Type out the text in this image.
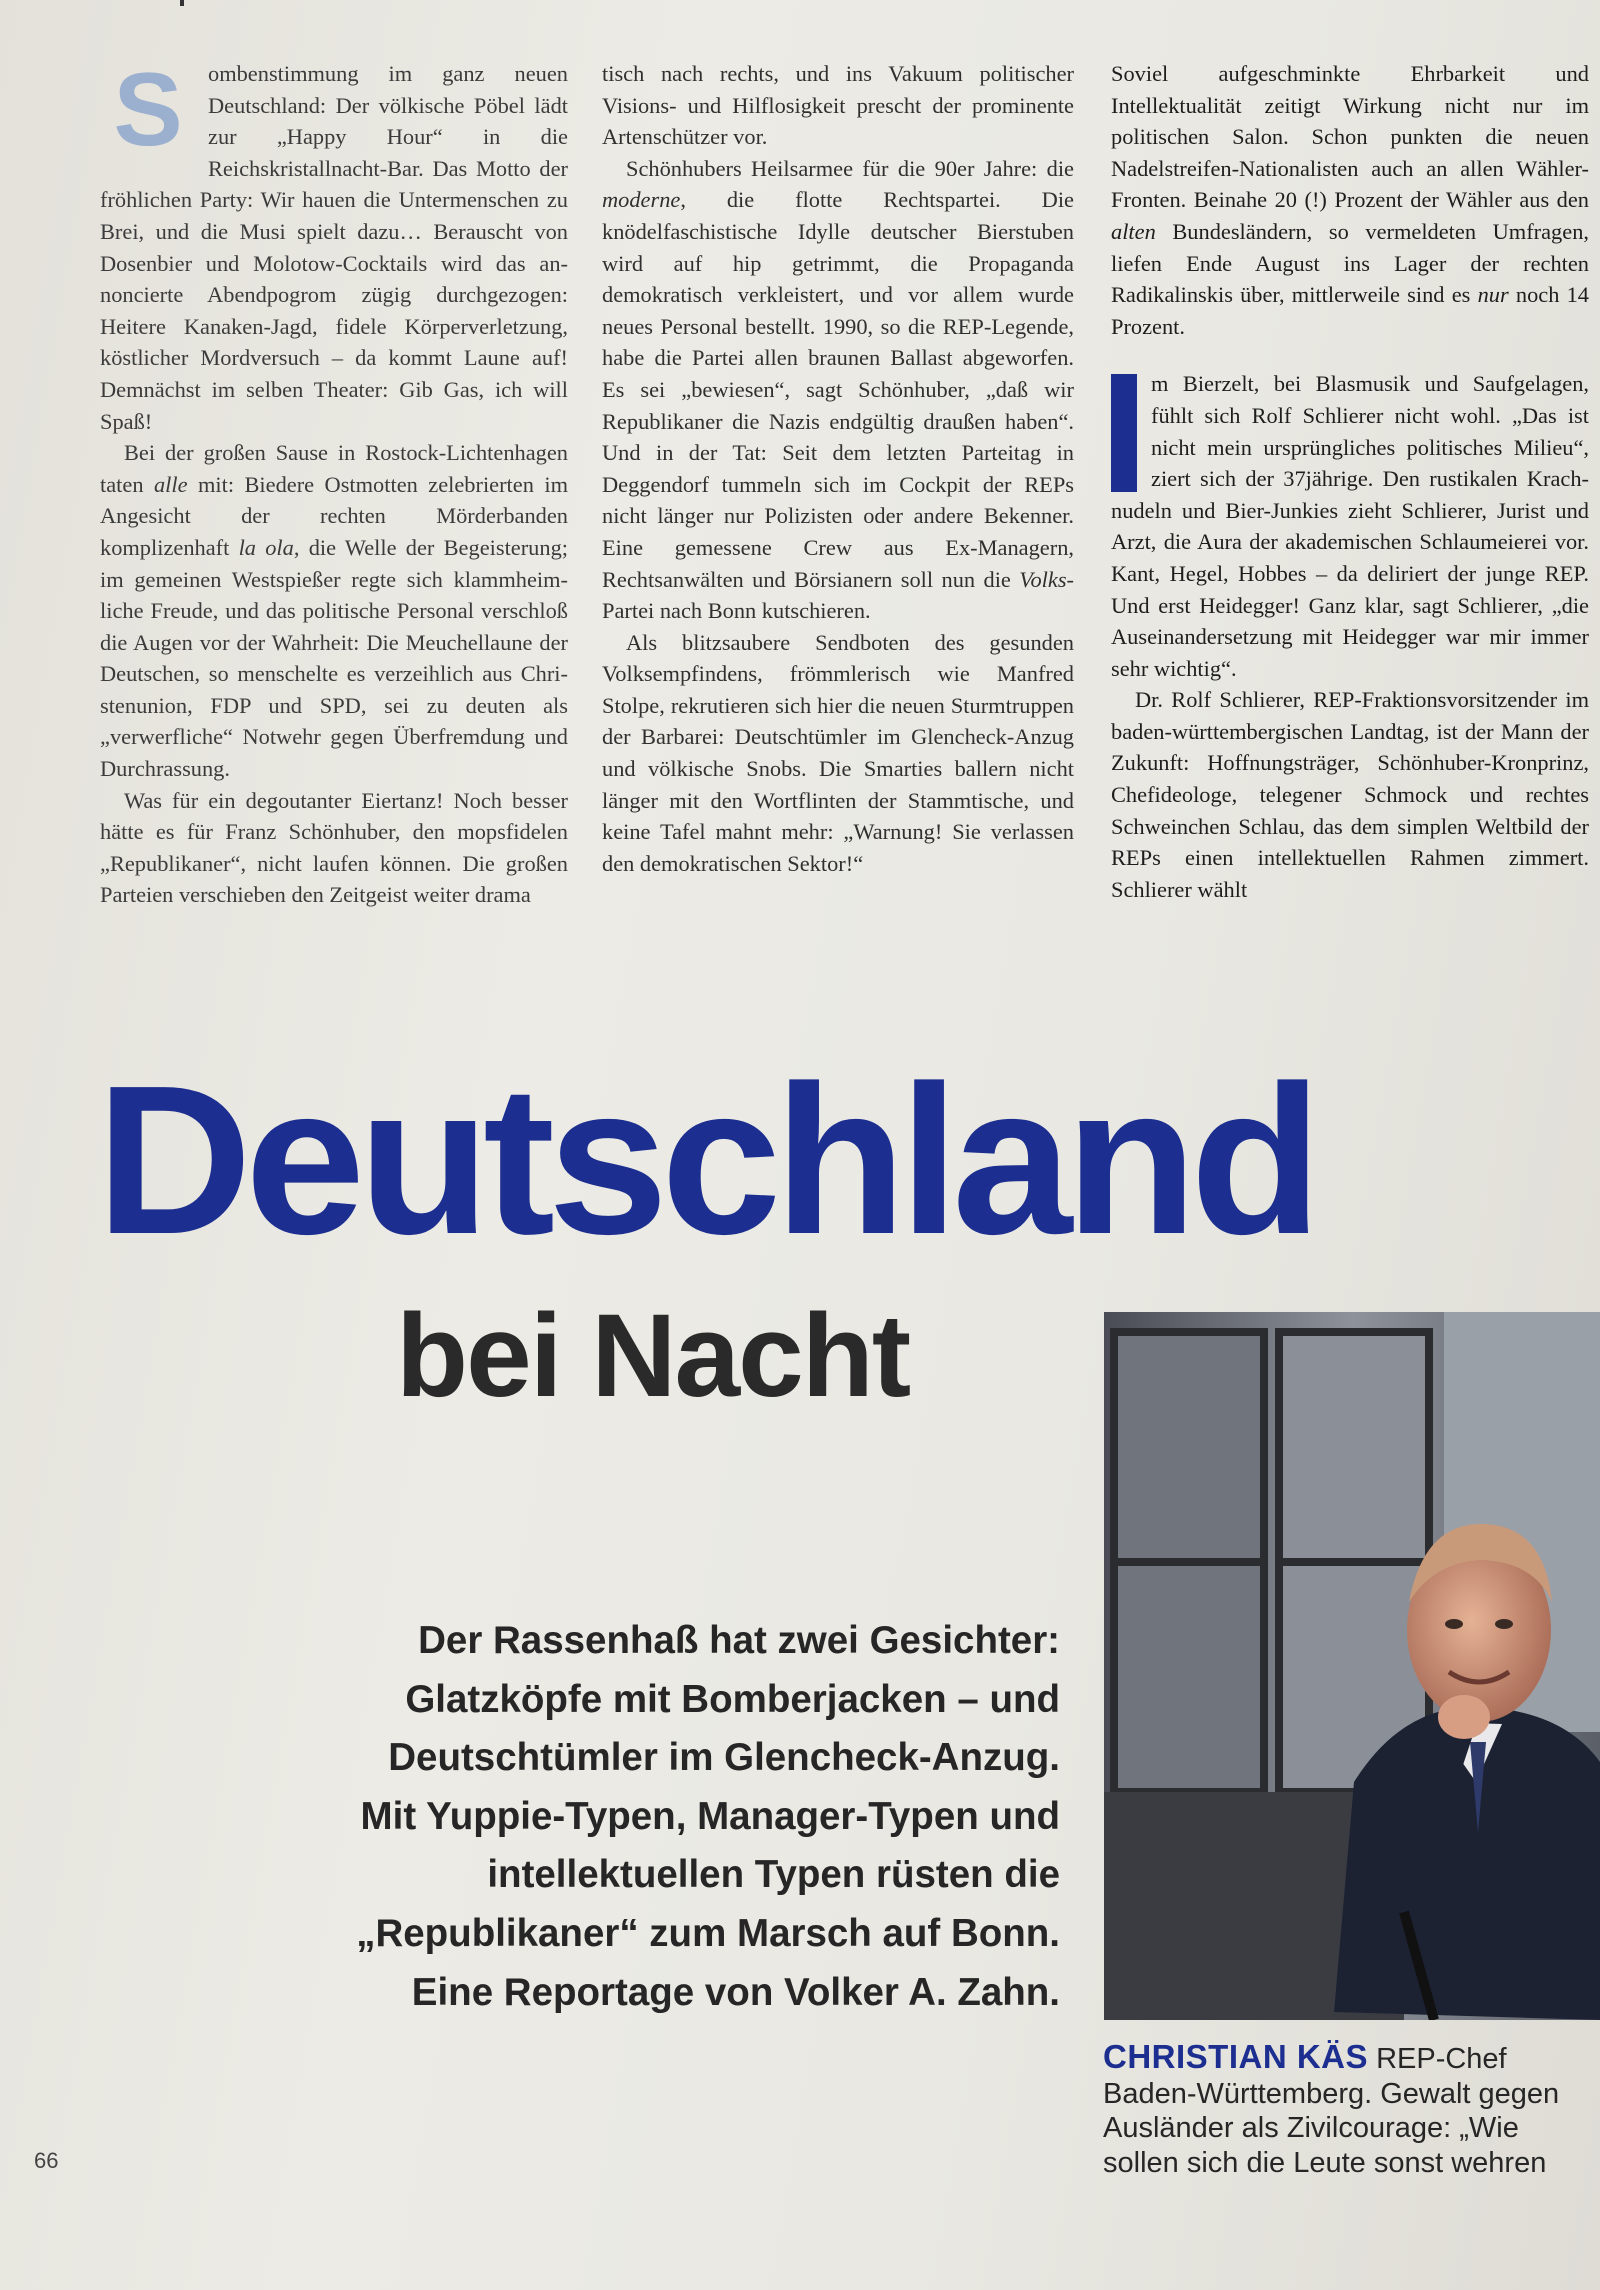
S	ombenstimmung im ganz neuen Deutschland: Der völkische Pöbel lädt zur „Happy Hour“ in die Reichskristallnacht-Bar. Das Motto der fröhlichen Party: Wir hauen die Untermenschen zu Brei, und die Musi spielt dazu… Berauscht von Dosenbier und Molotow-Cocktails wird das annoncierte Abendpogrom zügig durchgezogen: Heitere Kanaken-Jagd, fidele Körperverletzung, köstlicher Mordversuch – da kommt Laune auf! Demnächst im selben Theater: Gib Gas, ich will Spaß!

Bei der großen Sause in Rostock-Lichtenhagen taten alle mit: Biedere Ostmotten zelebrierten im Angesicht der rechten Mörderbanden komplizenhaft la ola, die Welle der Begeisterung; im gemeinen Westspießer regte sich klammheimliche Freude, und das politische Personal verschloß die Augen vor der Wahrheit: Die Meuchellaune der Deutschen, so menschelte es verzeihlich aus Christenunion, FDP und SPD, sei zu deuten als „verwerfliche“ Notwehr gegen Überfremdung und Durchrassung.

Was für ein degoutanter Eiertanz! Noch besser hätte es für Franz Schönhuber, den mopsfidelen „Republikaner“, nicht laufen können. Die großen Parteien verschieben den Zeitgeist weiter drama

tisch nach rechts, und ins Vakuum politischer Visions- und Hilflosigkeit prescht der prominente Artenschützer vor.

Schönhubers Heilsarmee für die 90er Jahre: die moderne, die flotte Rechtspartei. Die knödelfaschistische Idylle deutscher Bierstuben wird auf hip getrimmt, die Propaganda demokratisch verkleistert, und vor allem wurde neues Personal bestellt. 1990, so die REP-Legende, habe die Partei allen braunen Ballast abgeworfen. Es sei „bewiesen“, sagt Schönhuber, „daß wir Republikaner die Nazis endgültig draußen haben“. Und in der Tat: Seit dem letzten Parteitag in Deggendorf tummeln sich im Cockpit der REPs nicht länger nur Polizisten oder andere Bekenner. Eine gemessene Crew aus Ex-Managern, Rechtsanwälten und Börsianern soll nun die Volks-Partei nach Bonn kutschieren.

Als blitzsaubere Sendboten des gesunden Volksempfindens, frömmlerisch wie Manfred Stolpe, rekrutieren sich hier die neuen Sturmtruppen der Barbarei: Deutschtümler im Glencheck-Anzug und völkische Snobs. Die Smarties ballern nicht länger mit den Wortflinten der Stammtische, und keine Tafel mahnt mehr: „Warnung! Sie verlassen den demokratischen Sektor!“

Soviel aufgeschminkte Ehrbarkeit und Intellektualität zeitigt Wirkung nicht nur im politischen Salon. Schon punkten die neuen Nadelstreifen-Nationalisten auch an allen Wähler-Fronten. Beinahe 20 (!) Prozent der Wähler aus den alten Bundesländern, so vermeldeten Umfragen, liefen Ende August ins Lager der rechten Radikalinskis über, mittlerweile sind es nur noch 14 Prozent.

m Bierzelt, bei Blasmusik und Saufgelagen, fühlt sich Rolf Schlierer nicht wohl. „Das ist nicht mein ursprüngliches politisches Milieu“, ziert sich der 37jährige. Den rustikalen Krachnudeln und Bier-Junkies zieht Schlierer, Jurist und Arzt, die Aura der akademischen Schlaumeierei vor. Kant, Hegel, Hobbes – da deliriert der junge REP. Und erst Heidegger! Ganz klar, sagt Schlierer, „die Auseinandersetzung mit Heidegger war mir immer sehr wichtig“.

Dr. Rolf Schlierer, REP-Fraktionsvorsitzender im baden-württembergischen Landtag, ist der Mann der Zukunft: Hoffnungsträger, Schönhuber-Kronprinz, Chefideologe, telegener Schmock und rechtes Schweinchen Schlau, das dem simplen Weltbild der REPs einen intellektuellen Rahmen zimmert. Schlierer wählt

Deutschland
bei Nacht
Der Rassenhaß hat zwei Gesichter:
Glatzköpfe mit Bomberjacken – und
Deutschtümler im Glencheck-Anzug.
Mit Yuppie-Typen, Manager-Typen und
intellektuellen Typen rüsten die
„Republikaner“ zum Marsch auf Bonn.
Eine Reportage von Volker A. Zahn.
CHRISTIAN KÄS REP-Chef
Baden-Württemberg. Gewalt gegen
Ausländer als Zivilcourage: „Wie
sollen sich die Leute sonst wehren
66
